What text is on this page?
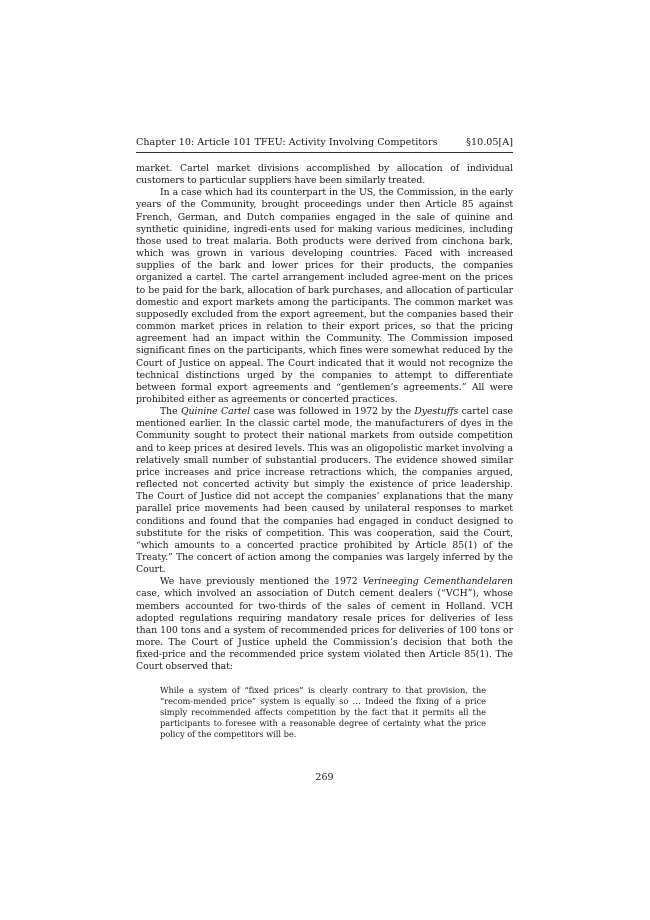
Chapter 10: Article 101 TFEU: Activity Involving Competitors	§10.05[A]

market. Cartel market divisions accomplished by allocation of individual customers to particular suppliers have been similarly treated.

In a case which had its counterpart in the US, the Commission, in the early years of the Community, brought proceedings under then Article 85 against French, German, and Dutch companies engaged in the sale of quinine and synthetic quinidine, ingredi-ents used for making various medicines, including those used to treat malaria. Both products were derived from cinchona bark, which was grown in various developing countries. Faced with increased supplies of the bark and lower prices for their products, the companies organized a cartel. The cartel arrangement included agree-ment on the prices to be paid for the bark, allocation of bark purchases, and allocation of particular domestic and export markets among the participants. The common market was supposedly excluded from the export agreement, but the companies based their common market prices in relation to their export prices, so that the pricing agreement had an impact within the Community. The Commission imposed significant fines on the participants, which fines were somewhat reduced by the Court of Justice on appeal. The Court indicated that it would not recognize the technical distinctions urged by the companies to attempt to differentiate between formal export agreements and “gentlemen’s agreements.” All were prohibited either as agreements or concerted practices.

The Quinine Cartel case was followed in 1972 by the Dyestuffs cartel case mentioned earlier. In the classic cartel mode, the manufacturers of dyes in the Community sought to protect their national markets from outside competition and to keep prices at desired levels. This was an oligopolistic market involving a relatively small number of substantial producers. The evidence showed similar price increases and price increase retractions which, the companies argued, reflected not concerted activity but simply the existence of price leadership. The Court of Justice did not accept the companies’ explanations that the many parallel price movements had been caused by unilateral responses to market conditions and found that the companies had engaged in conduct designed to substitute for the risks of competition. This was cooperation, said the Court, “which amounts to a concerted practice prohibited by Article 85(1) of the Treaty.” The concert of action among the companies was largely inferred by the Court.

We have previously mentioned the 1972 Verineeging Cementhandelaren case, which involved an association of Dutch cement dealers (“VCH”), whose members accounted for two-thirds of the sales of cement in Holland. VCH adopted regulations requiring mandatory resale prices for deliveries of less than 100 tons and a system of recommended prices for deliveries of 100 tons or more. The Court of Justice upheld the Commission’s decision that both the fixed-price and the recommended price system violated then Article 85(1). The Court observed that:

While a system of “fixed prices” is clearly contrary to that provision, the “recom-mended price” system is equally so … Indeed the fixing of a price simply recommended affects competition by the fact that it permits all the participants to foresee with a reasonable degree of certainty what the price policy of the competitors will be.
269
